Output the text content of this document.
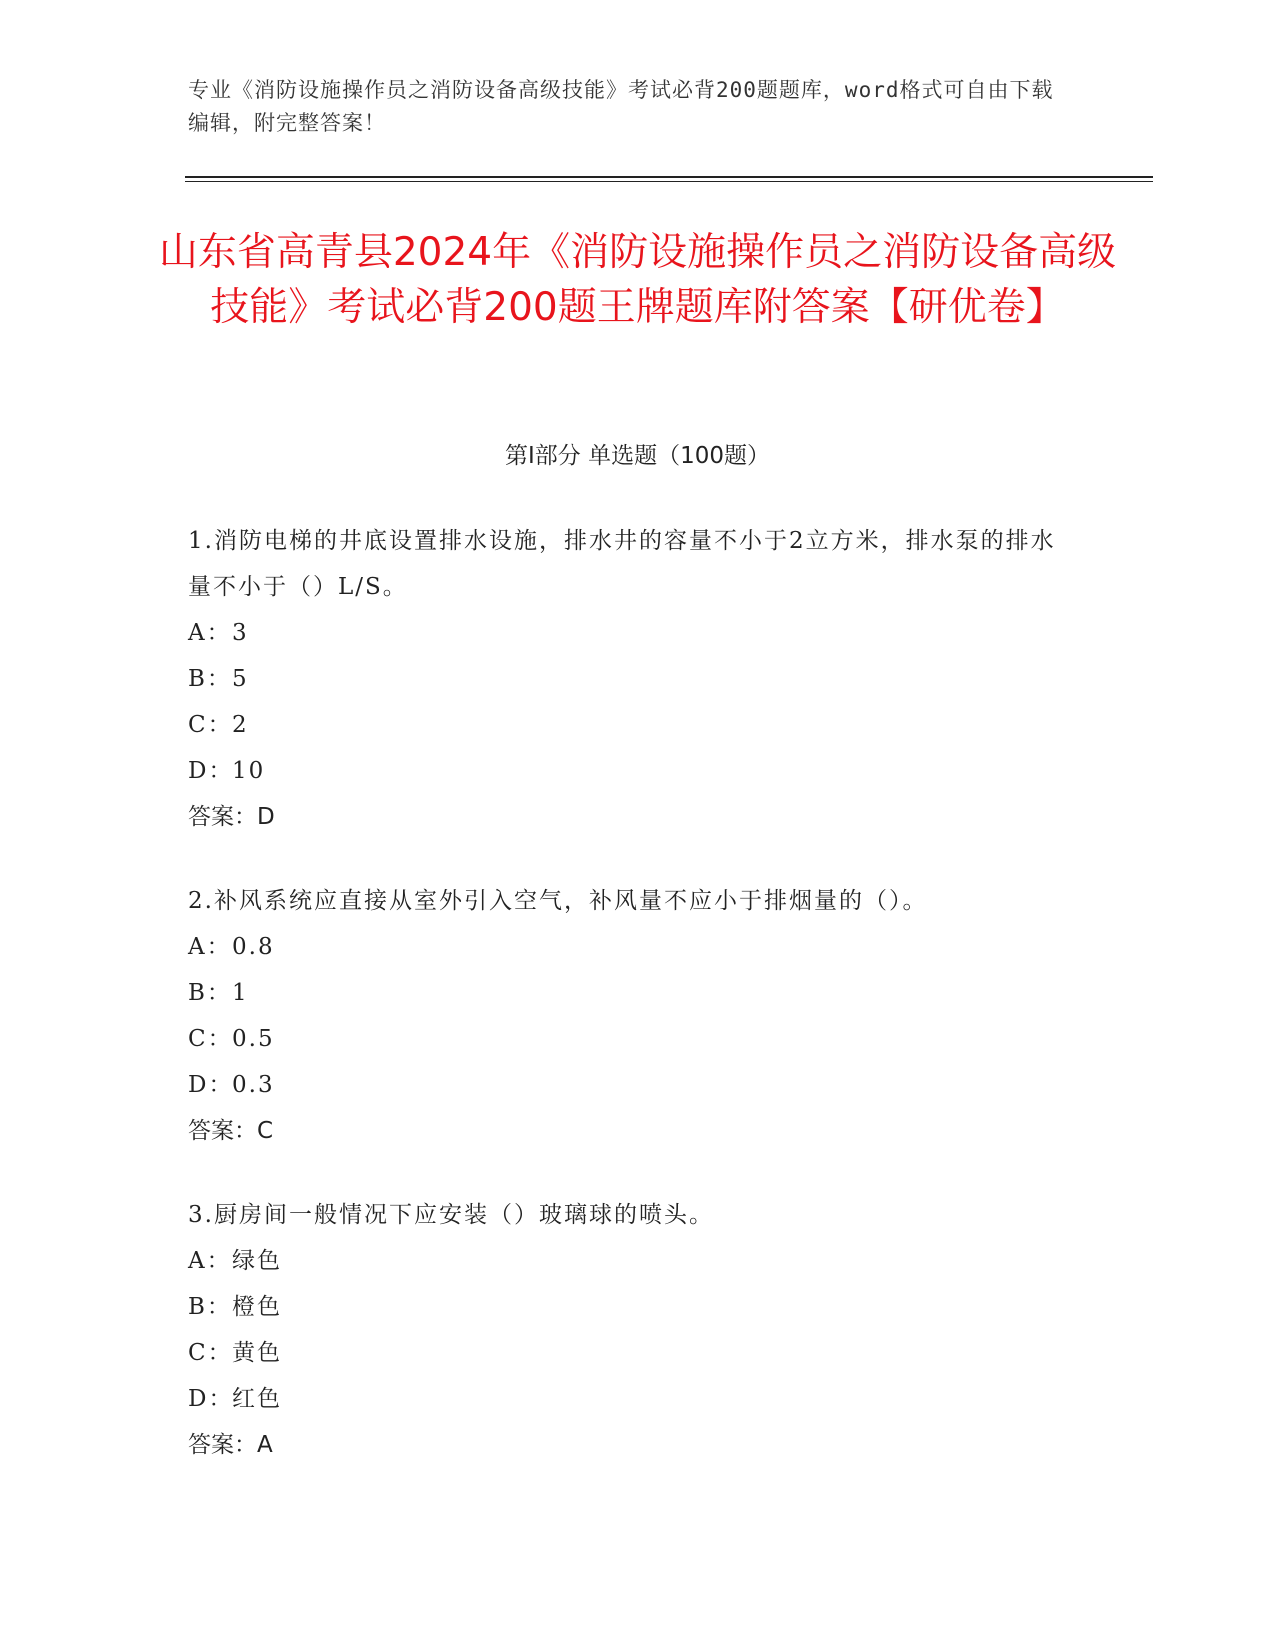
专业《消防设施操作员之消防设备高级技能》考试必背200题题库，word格式可自由下载编辑，附完整答案！
山东省高青县2024年《消防设施操作员之消防设备高级技能》考试必背200题王牌题库附答案【研优卷】
第I部分 单选题（100题）
1.消防电梯的井底设置排水设施，排水井的容量不小于2立方米，排水泵的排水量不小于（）L/S。
A：3
B：5
C：2
D：10
答案：D
2.补风系统应直接从室外引入空气，补风量不应小于排烟量的（）。
A：0.8
B：1
C：0.5
D：0.3
答案：C
3.厨房间一般情况下应安装（）玻璃球的喷头。
A：绿色
B：橙色
C：黄色
D：红色
答案：A
